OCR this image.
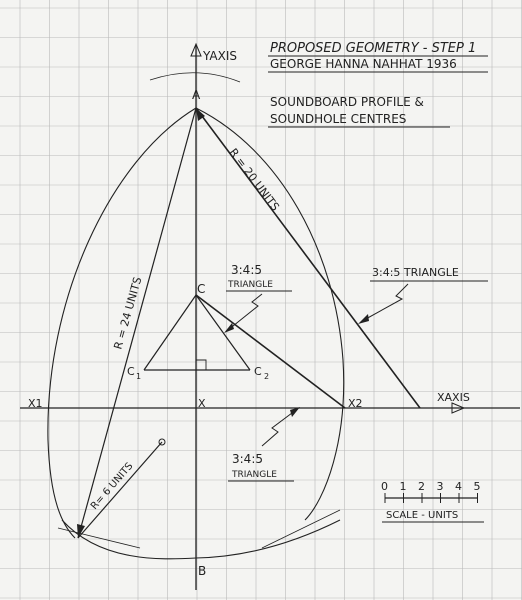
PROPOSED GEOMETRY - STEP 1
GEORGE HANNA NAHHAT 1936
SOUNDBOARD PROFILE &
SOUNDHOLE CENTRES
YAXIS
XAXIS
A
B
C
C 1	C 2
X
X1	X2
R = 24 UNITS
R = 20 UNITS
R= 6 UNITS
3:4:5
TRIANGLE
3:4:5 TRIANGLE
3:4:5
TRIANGLE
0 1 2 3 4 5
SCALE - UNITS
